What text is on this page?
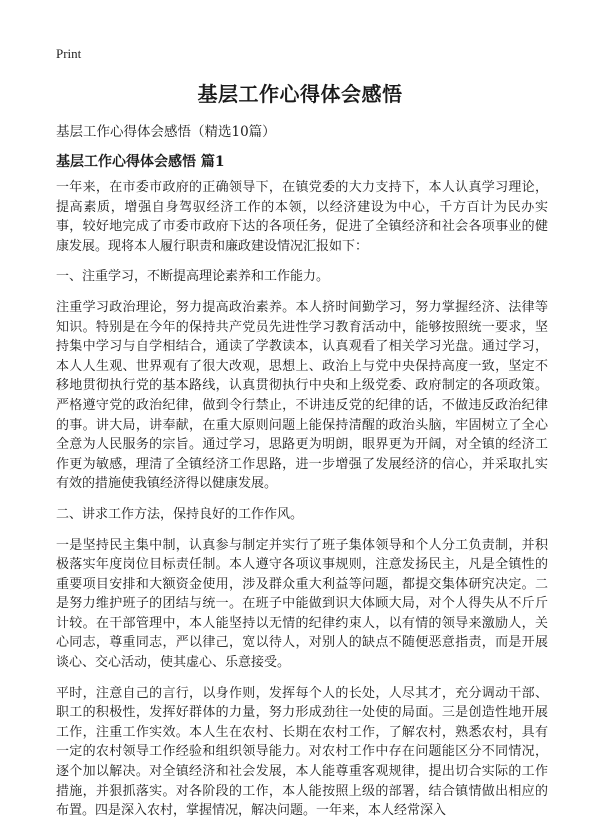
Print
基层工作心得体会感悟

基层工作心得体会感悟（精选10篇）

基层工作心得体会感悟 篇1

一年来，在市委市政府的正确领导下，在镇党委的大力支持下，本人认真学习理论，提高素质，增强自身驾驭经济工作的本领，以经济建设为中心，千方百计为民办实事，较好地完成了市委市政府下达的各项任务，促进了全镇经济和社会各项事业的健康发展。现将本人履行职责和廉政建设情况汇报如下：

一、注重学习，不断提高理论素养和工作能力。

注重学习政治理论，努力提高政治素养。本人挤时间勤学习，努力掌握经济、法律等知识。特别是在今年的保持共产党员先进性学习教育活动中，能够按照统一要求，坚持集中学习与自学相结合，通读了学教读本，认真观看了相关学习光盘。通过学习，本人人生观、世界观有了很大改观，思想上、政治上与党中央保持高度一致，坚定不移地贯彻执行党的基本路线，认真贯彻执行中央和上级党委、政府制定的各项政策。严格遵守党的政治纪律，做到令行禁止，不讲违反党的纪律的话，不做违反政治纪律的事。讲大局，讲奉献，在重大原则问题上能保持清醒的政治头脑，牢固树立了全心全意为人民服务的宗旨。通过学习，思路更为明朗，眼界更为开阔，对全镇的经济工作更为敏感，理清了全镇经济工作思路，进一步增强了发展经济的信心，并采取扎实有效的措施使我镇经济得以健康发展。

二、讲求工作方法，保持良好的工作作风。

一是坚持民主集中制，认真参与制定并实行了班子集体领导和个人分工负责制，并积极落实年度岗位目标责任制。本人遵守各项议事规则，注意发扬民主，凡是全镇性的重要项目安排和大额资金使用，涉及群众重大利益等问题，都提交集体研究决定。二是努力维护班子的团结与统一。在班子中能做到识大体顾大局，对个人得失从不斤斤计较。在干部管理中，本人能坚持以无情的纪律约束人，以有情的领导来激励人，关心同志，尊重同志，严以律己，宽以待人，对别人的缺点不随便恶意指责，而是开展谈心、交心活动，使其虚心、乐意接受。

平时，注意自己的言行，以身作则，发挥每个人的长处，人尽其才，充分调动干部、职工的积极性，发挥好群体的力量，努力形成劲往一处使的局面。三是创造性地开展工作，注重工作实效。本人生在农村、长期在农村工作，了解农村，熟悉农村，具有一定的农村领导工作经验和组织领导能力。对农村工作中存在问题能区分不同情况，逐个加以解决。对全镇经济和社会发展，本人能尊重客观规律，提出切合实际的工作措施，并狠抓落实。对各阶段的工作，本人能按照上级的部署，结合镇情做出相应的布置。四是深入农村，掌握情况，解决问题。一年来，本人经常深入
